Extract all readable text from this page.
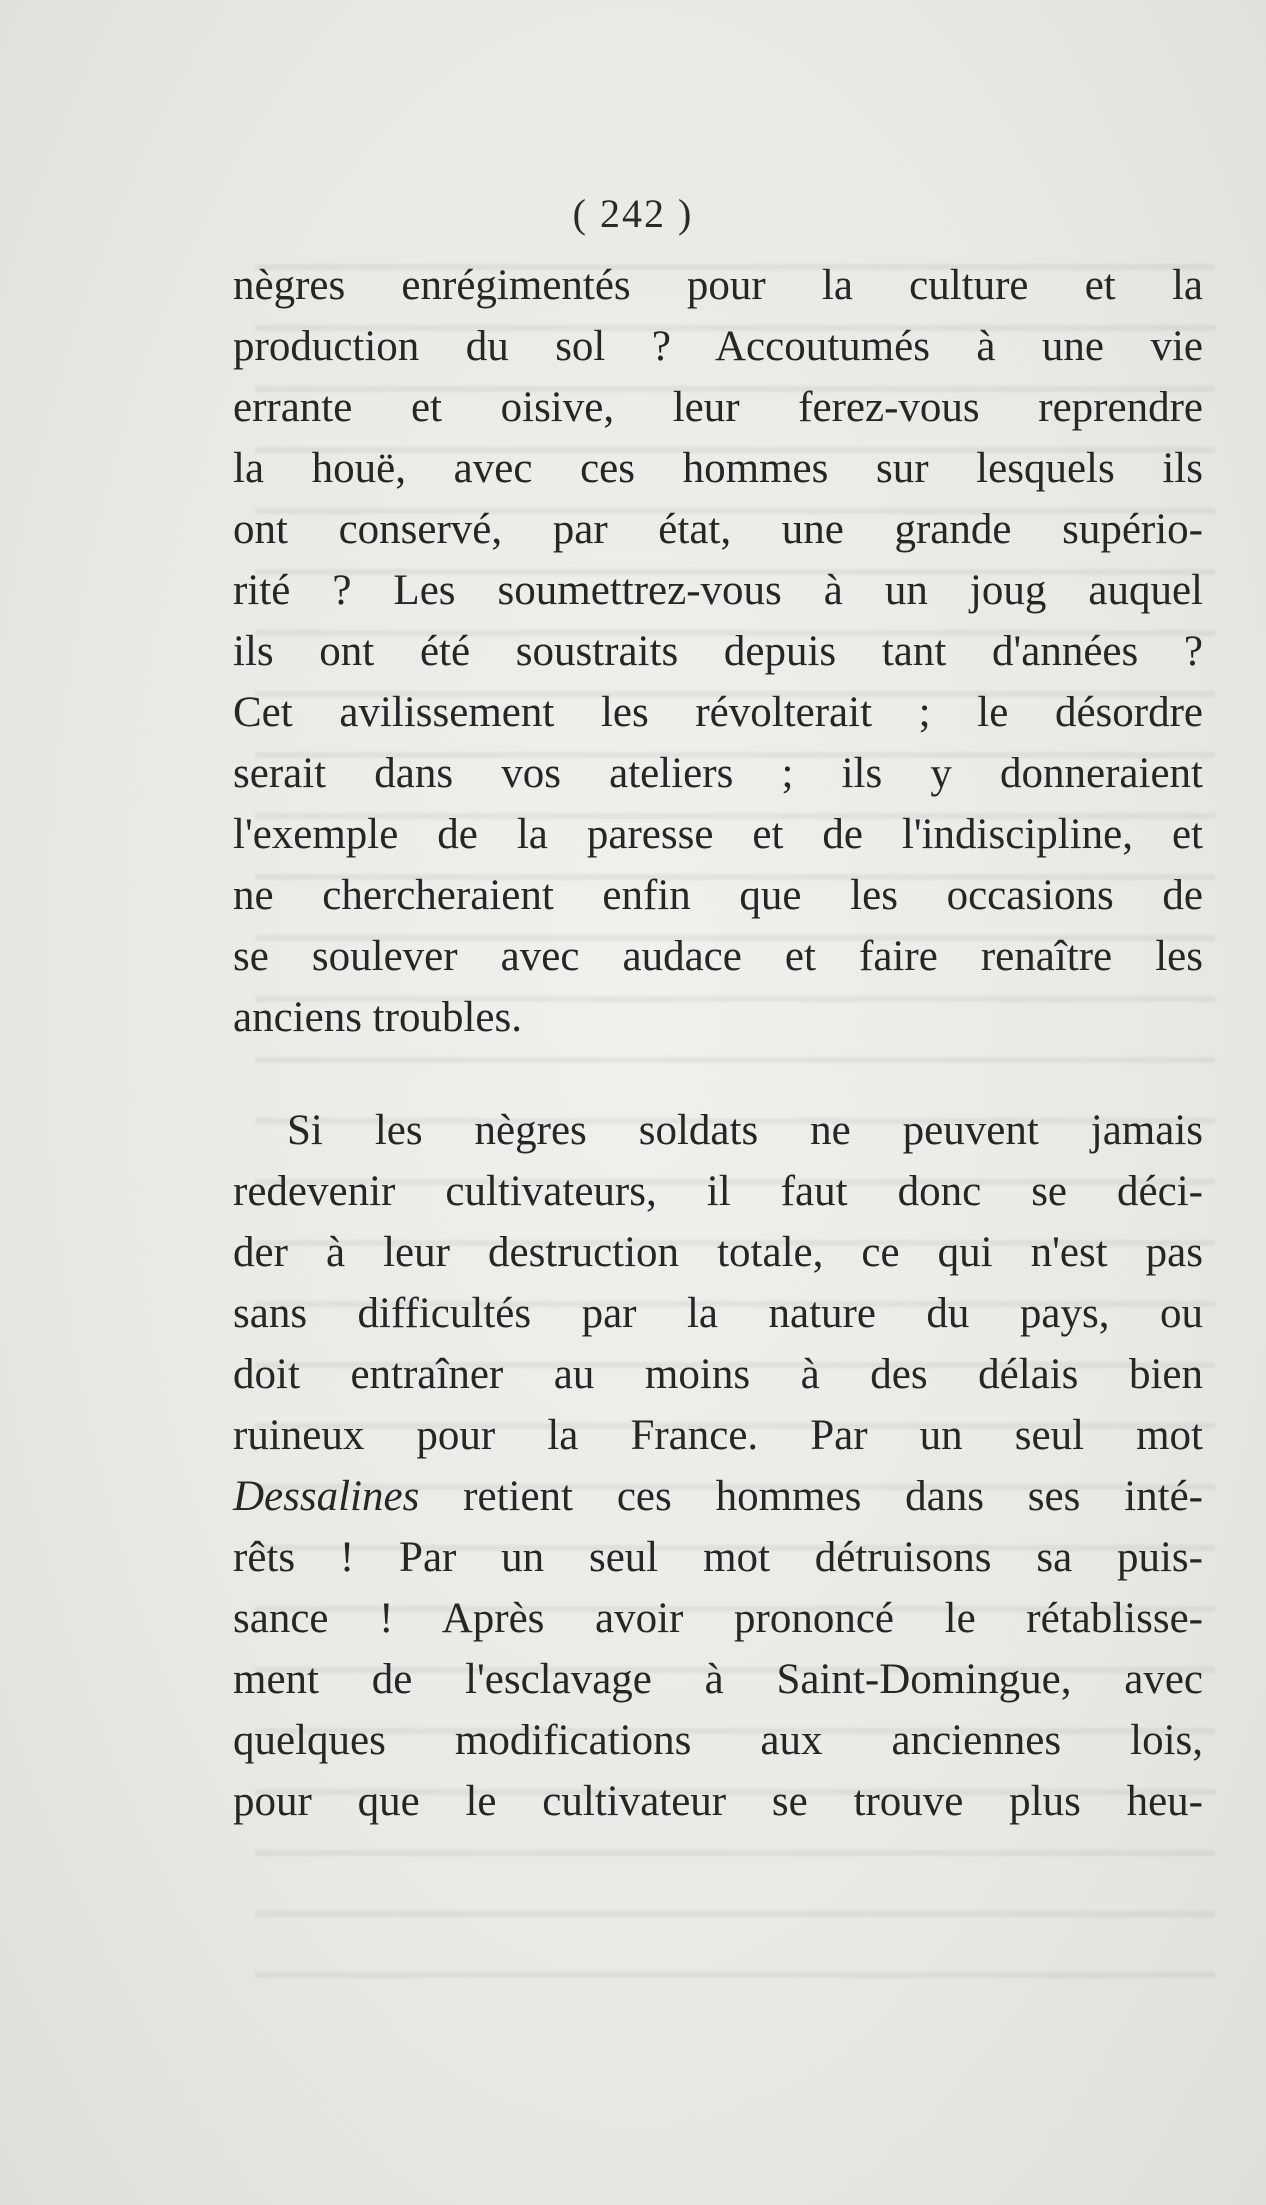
( 242 )
nègres enrégimentés pour la culture et la
production du sol ? Accoutumés à une vie
errante et oisive, leur ferez-vous reprendre
la houë, avec ces hommes sur lesquels ils
ont conservé, par état, une grande supério-
rité ? Les soumettrez-vous à un joug auquel
ils ont été soustraits depuis tant d'années ?
Cet avilissement les révolterait ; le désordre
serait dans vos ateliers ; ils y donneraient
l'exemple de la paresse et de l'indiscipline, et
ne chercheraient enfin que les occasions de
se soulever avec audace et faire renaître les
anciens troubles.
Si les nègres soldats ne peuvent jamais
redevenir cultivateurs, il faut donc se déci-
der à leur destruction totale, ce qui n'est pas
sans difficultés par la nature du pays, ou
doit entraîner au moins à des délais bien
ruineux pour la France. Par un seul mot
Dessalines retient ces hommes dans ses inté-
rêts ! Par un seul mot détruisons sa puis-
sance ! Après avoir prononcé le rétablisse-
ment de l'esclavage à Saint-Domingue, avec
quelques modifications aux anciennes lois,
pour que le cultivateur se trouve plus heu-
